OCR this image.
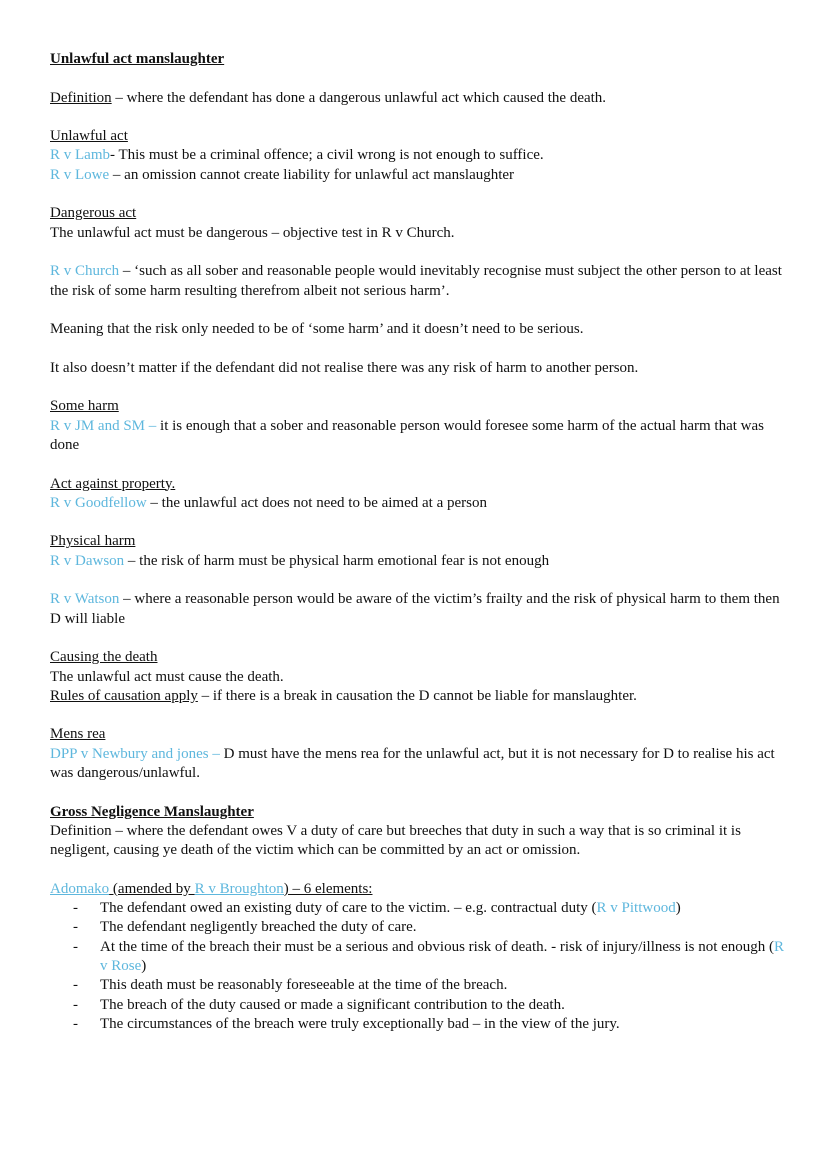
Unlawful act manslaughter

Definition – where the defendant has done a dangerous unlawful act which caused the death.

Unlawful act

R v Lamb- This must be a criminal offence; a civil wrong is not enough to suffice.

R v Lowe – an omission cannot create liability for unlawful act manslaughter

Dangerous act

The unlawful act must be dangerous – objective test in R v Church.

R v Church – ‘such as all sober and reasonable people would inevitably recognise must subject the other person to at least the risk of some harm resulting therefrom albeit not serious harm’.

Meaning that the risk only needed to be of ‘some harm’ and it doesn’t need to be serious.

It also doesn’t matter if the defendant did not realise there was any risk of harm to another person.

Some harm

R v JM and SM – it is enough that a sober and reasonable person would foresee some harm of the actual harm that was done

Act against property.

R v Goodfellow – the unlawful act does not need to be aimed at a person

Physical harm

R v Dawson – the risk of harm must be physical harm emotional fear is not enough

R v Watson – where a reasonable person would be aware of the victim’s frailty and the risk of physical harm to them then D will liable

Causing the death

The unlawful act must cause the death.

Rules of causation apply – if there is a break in causation the D cannot be liable for manslaughter.

Mens rea

DPP v Newbury and jones – D must have the mens rea for the unlawful act, but it is not necessary for D to realise his act was dangerous/unlawful.

Gross Negligence Manslaughter

Definition – where the defendant owes V a duty of care but breeches that duty in such a way that is so criminal it is negligent, causing ye death of the victim which can be committed by an act or omission.

Adomako (amended by R v Broughton) – 6 elements:

- The defendant owed an existing duty of care to the victim. – e.g. contractual duty (R v Pittwood)
- The defendant negligently breached the duty of care.
- At the time of the breach their must be a serious and obvious risk of death. - risk of injury/illness is not enough (R v Rose)
- This death must be reasonably foreseeable at the time of the breach.
- The breach of the duty caused or made a significant contribution to the death.
- The circumstances of the breach were truly exceptionally bad – in the view of the jury.
